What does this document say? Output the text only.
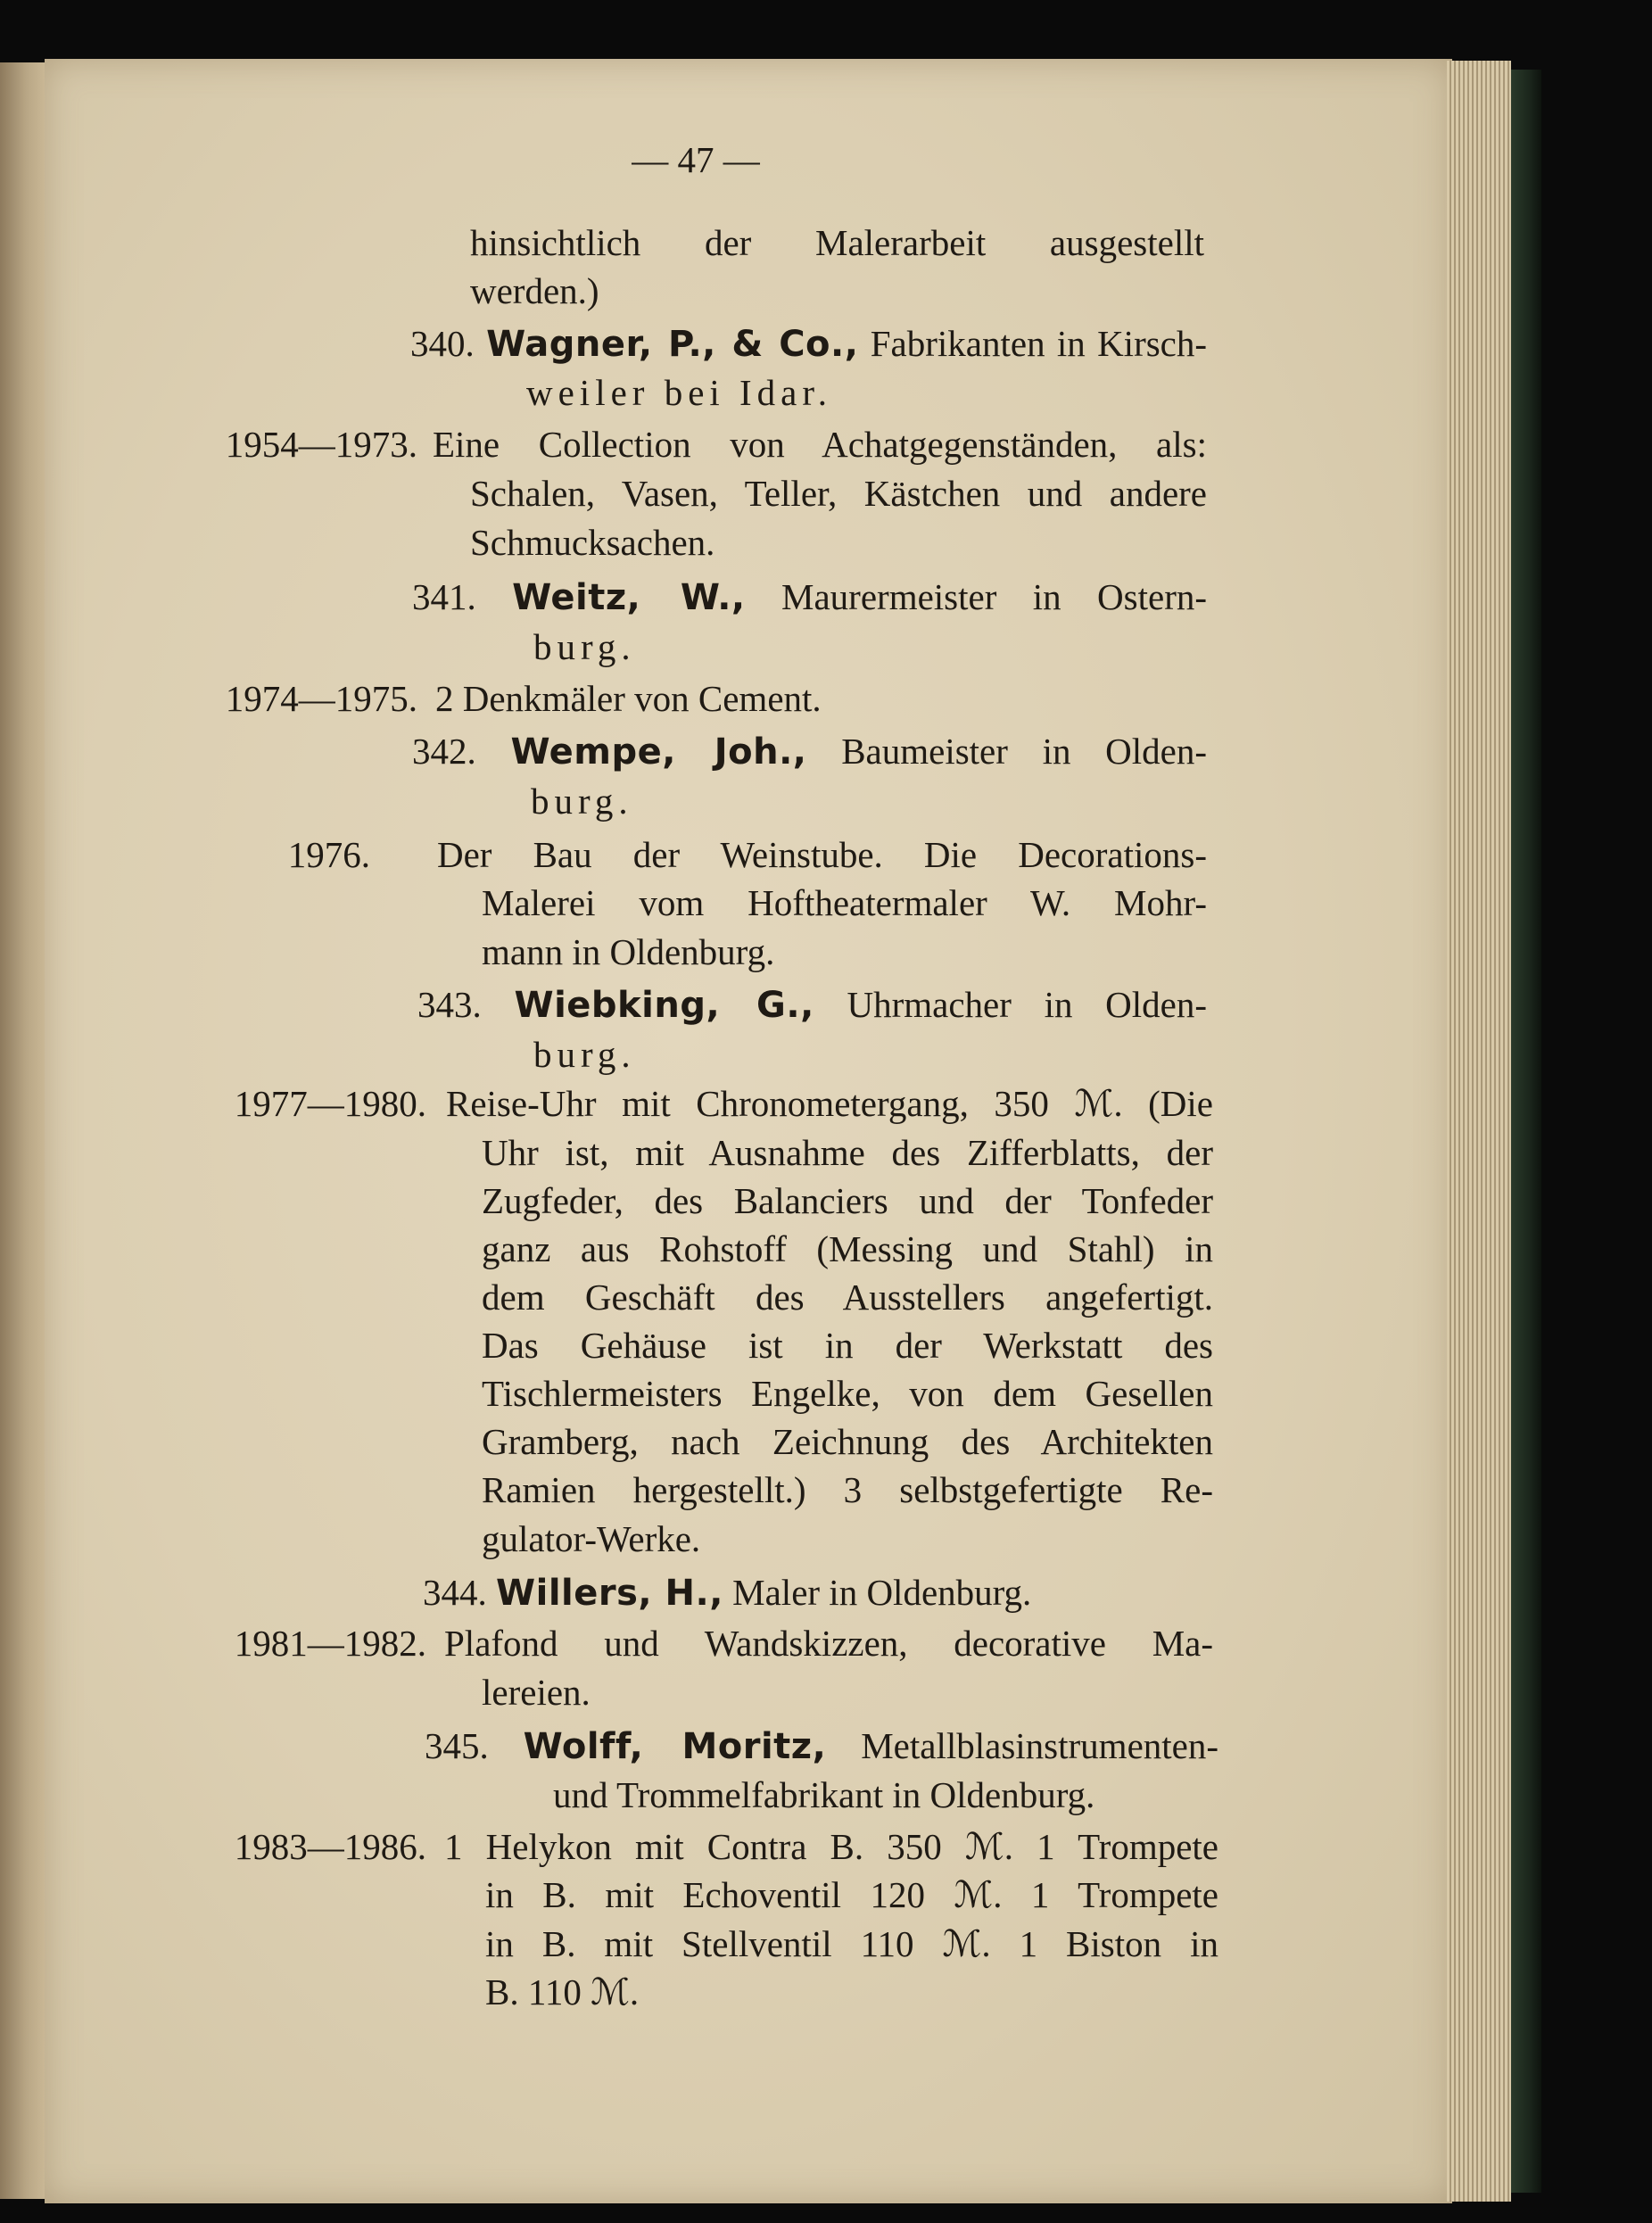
— 47 —
hinsichtlich der Malerarbeit ausgestellt
werden.)
340. Wagner, P., & Co., Fabrikanten in Kirsch-
weiler bei Idar.
1954—1973. Eine Collection von Achatgegenständen, als:
Schalen, Vasen, Teller, Kästchen und andere
Schmucksachen.
341. Weitz, W., Maurermeister in Ostern-
burg.
1974—1975. 2 Denkmäler von Cement.
342. Wempe, Joh., Baumeister in Olden-
burg.
1976. Der Bau der Weinstube. Die Decorations-
Malerei vom Hoftheatermaler W. Mohr-
mann in Oldenburg.
343. Wiebking, G., Uhrmacher in Olden-
burg.
1977—1980. Reise-Uhr mit Chronometergang, 350 ℳ. (Die
Uhr ist, mit Ausnahme des Zifferblatts, der
Zugfeder, des Balanciers und der Tonfeder
ganz aus Rohstoff (Messing und Stahl) in
dem Geschäft des Ausstellers angefertigt.
Das Gehäuse ist in der Werkstatt des
Tischlermeisters Engelke, von dem Gesellen
Gramberg, nach Zeichnung des Architekten
Ramien hergestellt.) 3 selbstgefertigte Re-
gulator-Werke.
344. Willers, H., Maler in Oldenburg.
1981—1982. Plafond und Wandskizzen, decorative Ma-
lereien.
345. Wolff, Moritz, Metallblasinstrumenten-
und Trommelfabrikant in Oldenburg.
1983—1986. 1 Helykon mit Contra B. 350 ℳ. 1 Trompete
in B. mit Echoventil 120 ℳ. 1 Trompete
in B. mit Stellventil 110 ℳ. 1 Biston in
B. 110 ℳ.
